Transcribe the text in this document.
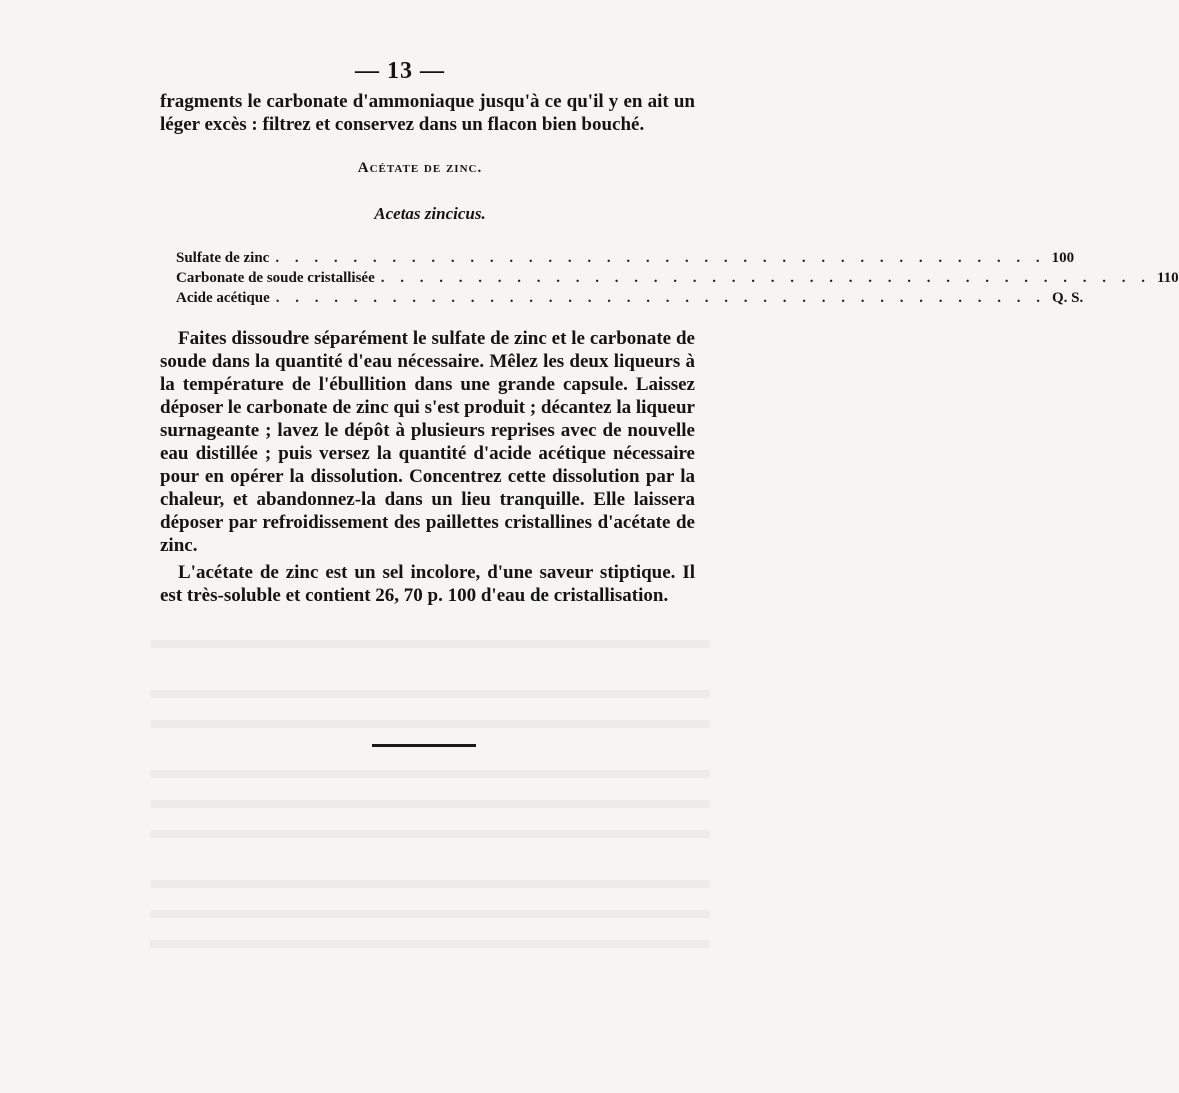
— 13 —
fragments le carbonate d'ammoniaque jusqu'à ce qu'il y en ait un léger excès : filtrez et conservez dans un flacon bien bouché.
Acétate de zinc.
Acetas zincicus.
Sulfate de zinc . . . . . . . . . . . . . . . . . . . . . . . . . . . . . . . . . . . . . . . . 100
Carbonate de soude cristallisée . . . . . . . . . . . . . . . . . . . . . . . . . . . . . . . . . . . . . . . . 110
Acide acétique . . . . . . . . . . . . . . . . . . . . . . . . . . . . . . . . . . . . . . . . Q. S.
Faites dissoudre séparément le sulfate de zinc et le carbonate de soude dans la quantité d'eau nécessaire. Mêlez les deux liqueurs à la température de l'ébullition dans une grande capsule. Laissez déposer le carbonate de zinc qui s'est produit ; décantez la liqueur surnageante ; lavez le dépôt à plusieurs reprises avec de nouvelle eau distillée ; puis versez la quantité d'acide acétique nécessaire pour en opérer la dissolution. Concentrez cette dissolution par la chaleur, et abandonnez-la dans un lieu tranquille. Elle laissera déposer par refroidissement des paillettes cristallines d'acétate de zinc.
L'acétate de zinc est un sel incolore, d'une saveur stiptique. Il est très-soluble et contient 26, 70 p. 100 d'eau de cristallisation.
